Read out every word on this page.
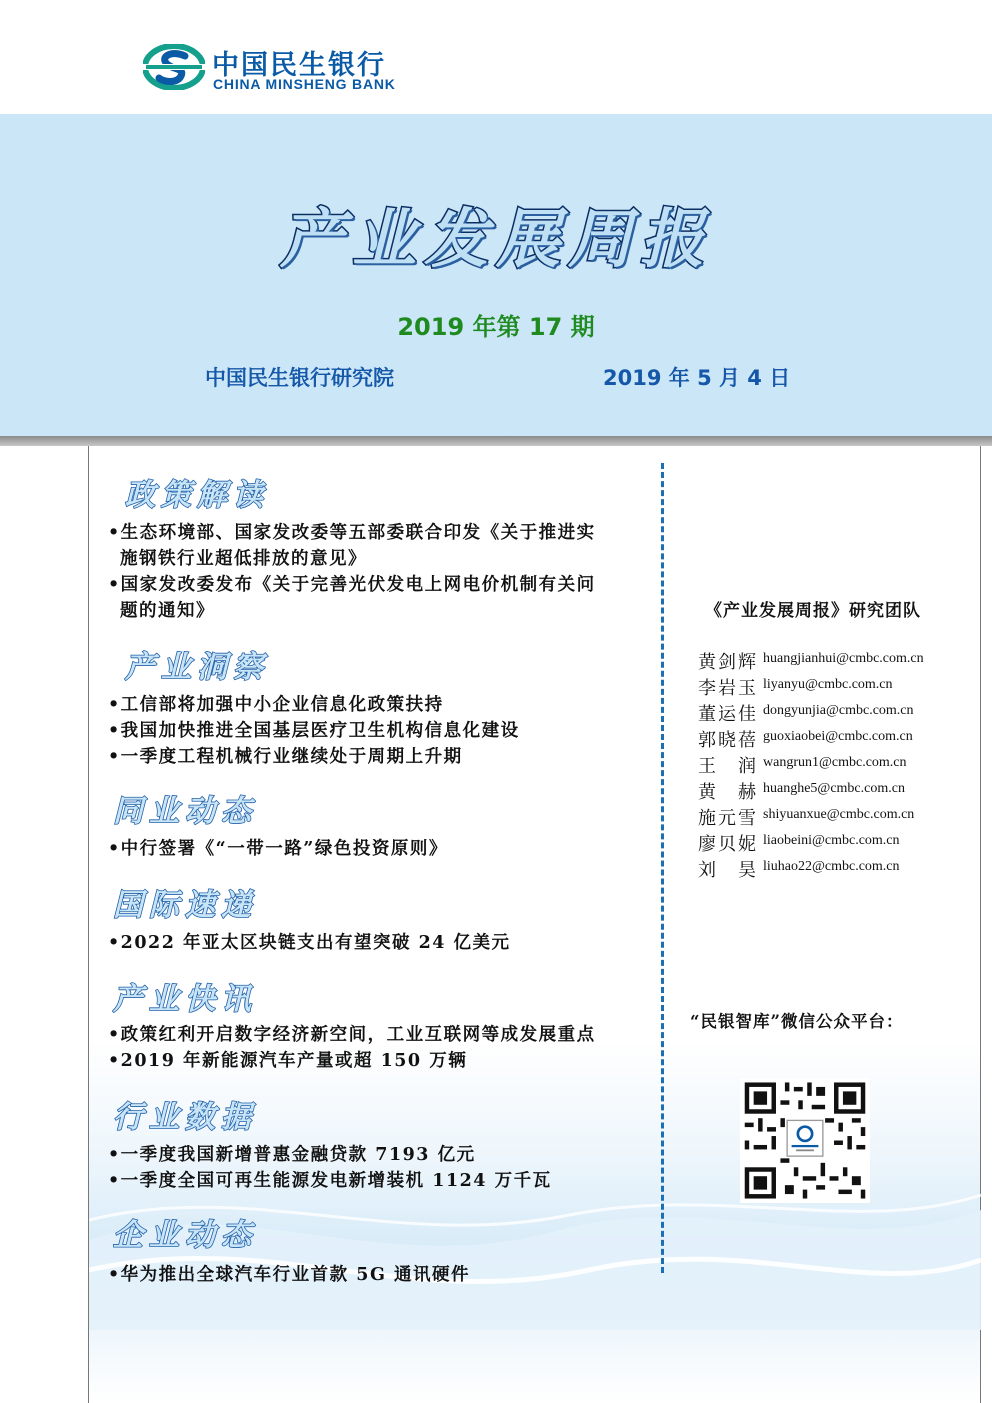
中国民生银行
CHINA MINSHENG BANK
产业发展周报
2019 年第 17 期
中国民生银行研究院	2019 年 5 月 4 日
政策解读
•生态环境部、国家发改委等五部委联合印发《关于推进实
施钢铁行业超低排放的意见》
•国家发改委发布《关于完善光伏发电上网电价机制有关问
题的通知》
产业洞察
•工信部将加强中小企业信息化政策扶持
•我国加快推进全国基层医疗卫生机构信息化建设
•一季度工程机械行业继续处于周期上升期
同业动态
•中行签署《“一带一路”绿色投资原则》
国际速递
•2022 年亚太区块链支出有望突破 24 亿美元
产业快讯
•政策红利开启数字经济新空间，工业互联网等成发展重点
•2019 年新能源汽车产量或超 150 万辆
行业数据
•一季度我国新增普惠金融贷款 7193 亿元
•一季度全国可再生能源发电新增装机 1124 万千瓦
企业动态
•华为推出全球汽车行业首款 5G 通讯硬件
《产业发展周报》研究团队
黄剑辉 huangjianhui@cmbc.com.cn
李岩玉 liyanyu@cmbc.com.cn
董运佳 dongyunjia@cmbc.com.cn
郭晓蓓 guoxiaobei@cmbc.com.cn
王　润 wangrun1@cmbc.com.cn
黄　赫 huanghe5@cmbc.com.cn
施元雪 shiyuanxue@cmbc.com.cn
廖贝妮 liaobeini@cmbc.com.cn
刘　昊 liuhao22@cmbc.com.cn
“民银智库”微信公众平台：
